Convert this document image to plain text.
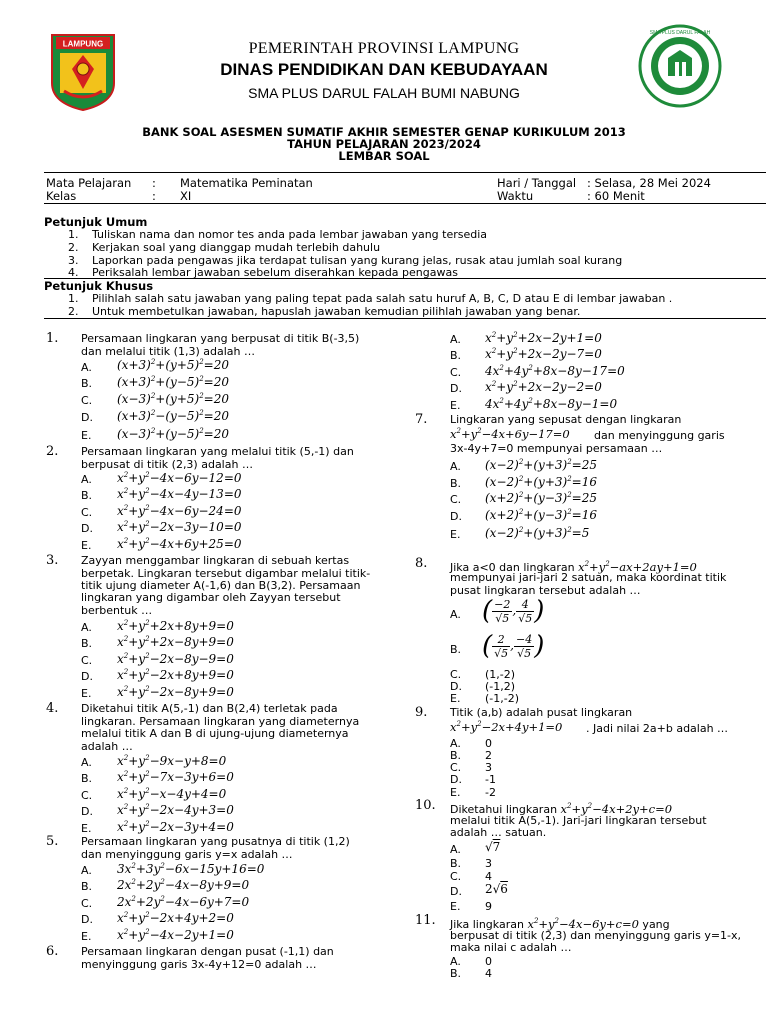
LAMPUNG
SMA PLUS DARUL FALAH
★	★
PEMERINTAH PROVINSI LAMPUNG
DINAS PENDIDIKAN DAN KEBUDAYAAN
SMA PLUS DARUL FALAH BUMI NABUNG
BANK SOAL ASESMEN SUMATIF AKHIR SEMESTER GENAP KURIKULUM 2013
TAHUN PELAJARAN 2023/2024
LEMBAR SOAL
Mata Pelajaran : Matematika Peminatan
Kelas	: XI
Hari / Tanggal : Selasa, 28 Mei 2024
Waktu	: 60 Menit
Petunjuk Umum
1. Tuliskan nama dan nomor tes anda pada lembar jawaban yang tersedia
2. Kerjakan soal yang dianggap mudah terlebih dahulu
3. Laporkan pada pengawas jika terdapat tulisan yang kurang jelas, rusak atau jumlah soal kurang
4. Periksalah lembar jawaban sebelum diserahkan kepada pengawas
Petunjuk Khusus
1. Pilihlah salah satu jawaban yang paling tepat pada salah satu huruf A, B, C, D atau E di lembar jawaban .
2. Untuk membetulkan jawaban, hapuslah jawaban kemudian pilihlah jawaban yang benar.
1. Persamaan lingkaran yang berpusat di titik B(-3,5)
dan melalui titik (1,3) adalah …
A. $(x+3)^2+(y+5)^2=20$
B. $(x+3)^2+(y-5)^2=20$
C. $(x-3)^2+(y+5)^2=20$
D. $(x+3)^2-(y-5)^2=20$
E. $(x-3)^2+(y-5)^2=20$
2. Persamaan lingkaran yang melalui titik (5,-1) dan
berpusat di titik (2,3) adalah …
A. $x^2+y^2-4x-6y-12=0$
B. $x^2+y^2-4x-4y-13=0$
C. $x^2+y^2-4x-6y-24=0$
D. $x^2+y^2-2x-3y-10=0$
E. $x^2+y^2-4x+6y+25=0$
3. Zayyan menggambar lingkaran di sebuah kertas
berpetak. Lingkaran tersebut digambar melalui titik-
titik ujung diameter A(-1,6) dan B(3,2). Persamaan
lingkaran yang digambar oleh Zayyan tersebut
berbentuk …
A. $x^2+y^2+2x+8y+9=0$
B. $x^2+y^2+2x-8y+9=0$
C. $x^2+y^2-2x-8y-9=0$
D. $x^2+y^2-2x+8y+9=0$
E. $x^2+y^2-2x-8y+9=0$
4. Diketahui titik A(5,-1) dan B(2,4) terletak pada
lingkaran. Persamaan lingkaran yang diameternya
melalui titik A dan B di ujung-ujung diameternya
adalah …
A. $x^2+y^2-9x-y+8=0$
B. $x^2+y^2-7x-3y+6=0$
C. $x^2+y^2-x-4y+4=0$
D. $x^2+y^2-2x-4y+3=0$
E. $x^2+y^2-2x-3y+4=0$
5. Persamaan lingkaran yang pusatnya di titik (1,2)
dan menyinggung garis y=x adalah …
A. $3x^2+3y^2-6x-15y+16=0$
B. $2x^2+2y^2-4x-8y+9=0$
C. $2x^2+2y^2-4x-6y+7=0$
D. $x^2+y^2-2x+4y+2=0$
E. $x^2+y^2-4x-2y+1=0$
6. Persamaan lingkaran dengan pusat (-1,1) dan
menyinggung garis 3x-4y+12=0 adalah …
A. $x^2+y^2+2x-2y+1=0$
B. $x^2+y^2+2x-2y-7=0$
C. $4x^2+4y^2+8x-8y-17=0$
D. $x^2+y^2+2x-2y-2=0$
E. $4x^2+4y^2+8x-8y-1=0$
7. Lingkaran yang sepusat dengan lingkaran
$x^2+y^2-4x+6y-17=0$ dan menyinggung garis
3x-4y+7=0 mempunyai persamaan …
A. $(x-2)^2+(y+3)^2=25$
B. $(x-2)^2+(y+3)^2=16$
C. $(x+2)^2+(y-3)^2=25$
D. $(x+2)^2+(y-3)^2=16$
E. $(x-2)^2+(y+3)^2=5$
8. Jika a<0 dan lingkaran $x^2+y^2-ax+2ay+1=0$
mempunyai jari-jari 2 satuan, maka koordinat titik
pusat lingkaran tersebut adalah …
A. ( $\frac{-2}{√5}$ , $\frac{4}{√5}$ )
B. ( $\frac{2}{√5}$ , $\frac{-4}{√5}$ )
C. (1,-2)
D. (-1,2)
E. (-1,-2)
9. Titik (a,b) adalah pusat lingkaran
$x^2+y^2-2x+4y+1=0$ . Jadi nilai 2a+b adalah …
A. 0
B. 2
C. 3
D. -1
E. -2
10. Diketahui lingkaran $x^2+y^2-4x+2y+c=0$
melalui titik A(5,-1). Jari-jari lingkaran tersebut
adalah … satuan.
A. √7
B. 3
C. 4
D. 2√6
E. 9
11. Jika lingkaran $x^2+y^2-4x-6y+c=0$ yang
berpusat di titik (2,3) dan menyinggung garis y=1-x,
maka nilai c adalah …
A. 0
B. 4
